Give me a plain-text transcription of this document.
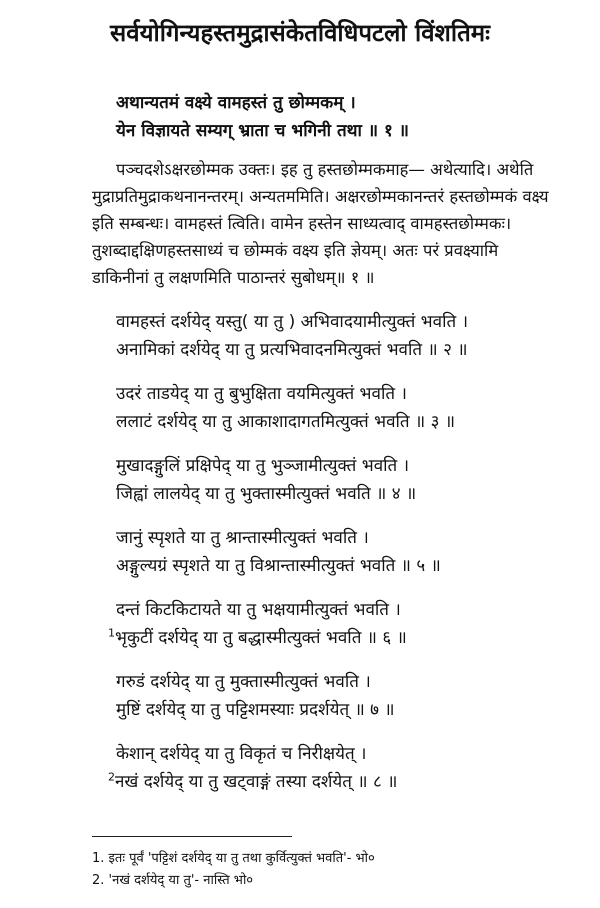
सर्वयोगिन्यहस्तमुद्रासंकेतविधिपटलो विंशतिमः
अथान्यतमं वक्ष्ये वामहस्तं तु छोम्मकम् ।
येन विज्ञायते सम्यग् भ्राता च भगिनी तथा ॥ १ ॥
पञ्चदशेऽक्षरछोम्मक उक्तः। इह तु हस्तछोम्मकमाह— अथेत्यादि। अथेति
मुद्राप्रतिमुद्राकथनानन्तरम्। अन्यतममिति। अक्षरछोम्मकानन्तरं हस्तछोम्मकं वक्ष्य
इति सम्बन्धः। वामहस्तं त्विति। वामेन हस्तेन साध्यत्वाद् वामहस्तछोम्मकः।
तुशब्दाद्दक्षिणहस्तसाध्यं च छोम्मकं वक्ष्य इति ज्ञेयम्। अतः परं प्रवक्ष्यामि
डाकिनीनां तु लक्षणमिति पाठान्तरं सुबोधम्॥ १ ॥
वामहस्तं दर्शयेद् यस्तु( या तु ) अभिवादयामीत्युक्तं भवति ।
अनामिकां दर्शयेद् या तु प्रत्यभिवादनमित्युक्तं भवति ॥ २ ॥
उदरं ताडयेद् या तु बुभुक्षिता वयमित्युक्तं भवति ।
ललाटं दर्शयेद् या तु आकाशादागतमित्युक्तं भवति ॥ ३ ॥
मुखादङ्गुलिं प्रक्षिपेद् या तु भुञ्जामीत्युक्तं भवति ।
जिह्वां लालयेद् या तु भुक्तास्मीत्युक्तं भवति ॥ ४ ॥
जानुं स्पृशते या तु श्रान्तास्मीत्युक्तं भवति ।
अङ्गुल्यग्रं स्पृशते या तु विश्रान्तास्मीत्युक्तं भवति ॥ ५ ॥
दन्तं किटकिटायते या तु भक्षयामीत्युक्तं भवति ।
$^1$भृकुटीं दर्शयेद् या तु बद्धास्मीत्युक्तं भवति ॥ ६ ॥
गरुडं दर्शयेद् या तु मुक्तास्मीत्युक्तं भवति ।
मुष्टिं दर्शयेद् या तु पट्टिशमस्याः प्रदर्शयेत् ॥ ७ ॥
केशान् दर्शयेद् या तु विकृतं च निरीक्षयेत् ।
$^2$नखं दर्शयेद् या तु खट्वाङ्गं तस्या दर्शयेत् ॥ ८ ॥
1. इतः पूर्वं 'पट्टिशं दर्शयेद् या तु तथा कुर्वित्युक्तं भवति'- भो०
2. 'नखं दर्शयेद् या तु'- नास्ति भो०
